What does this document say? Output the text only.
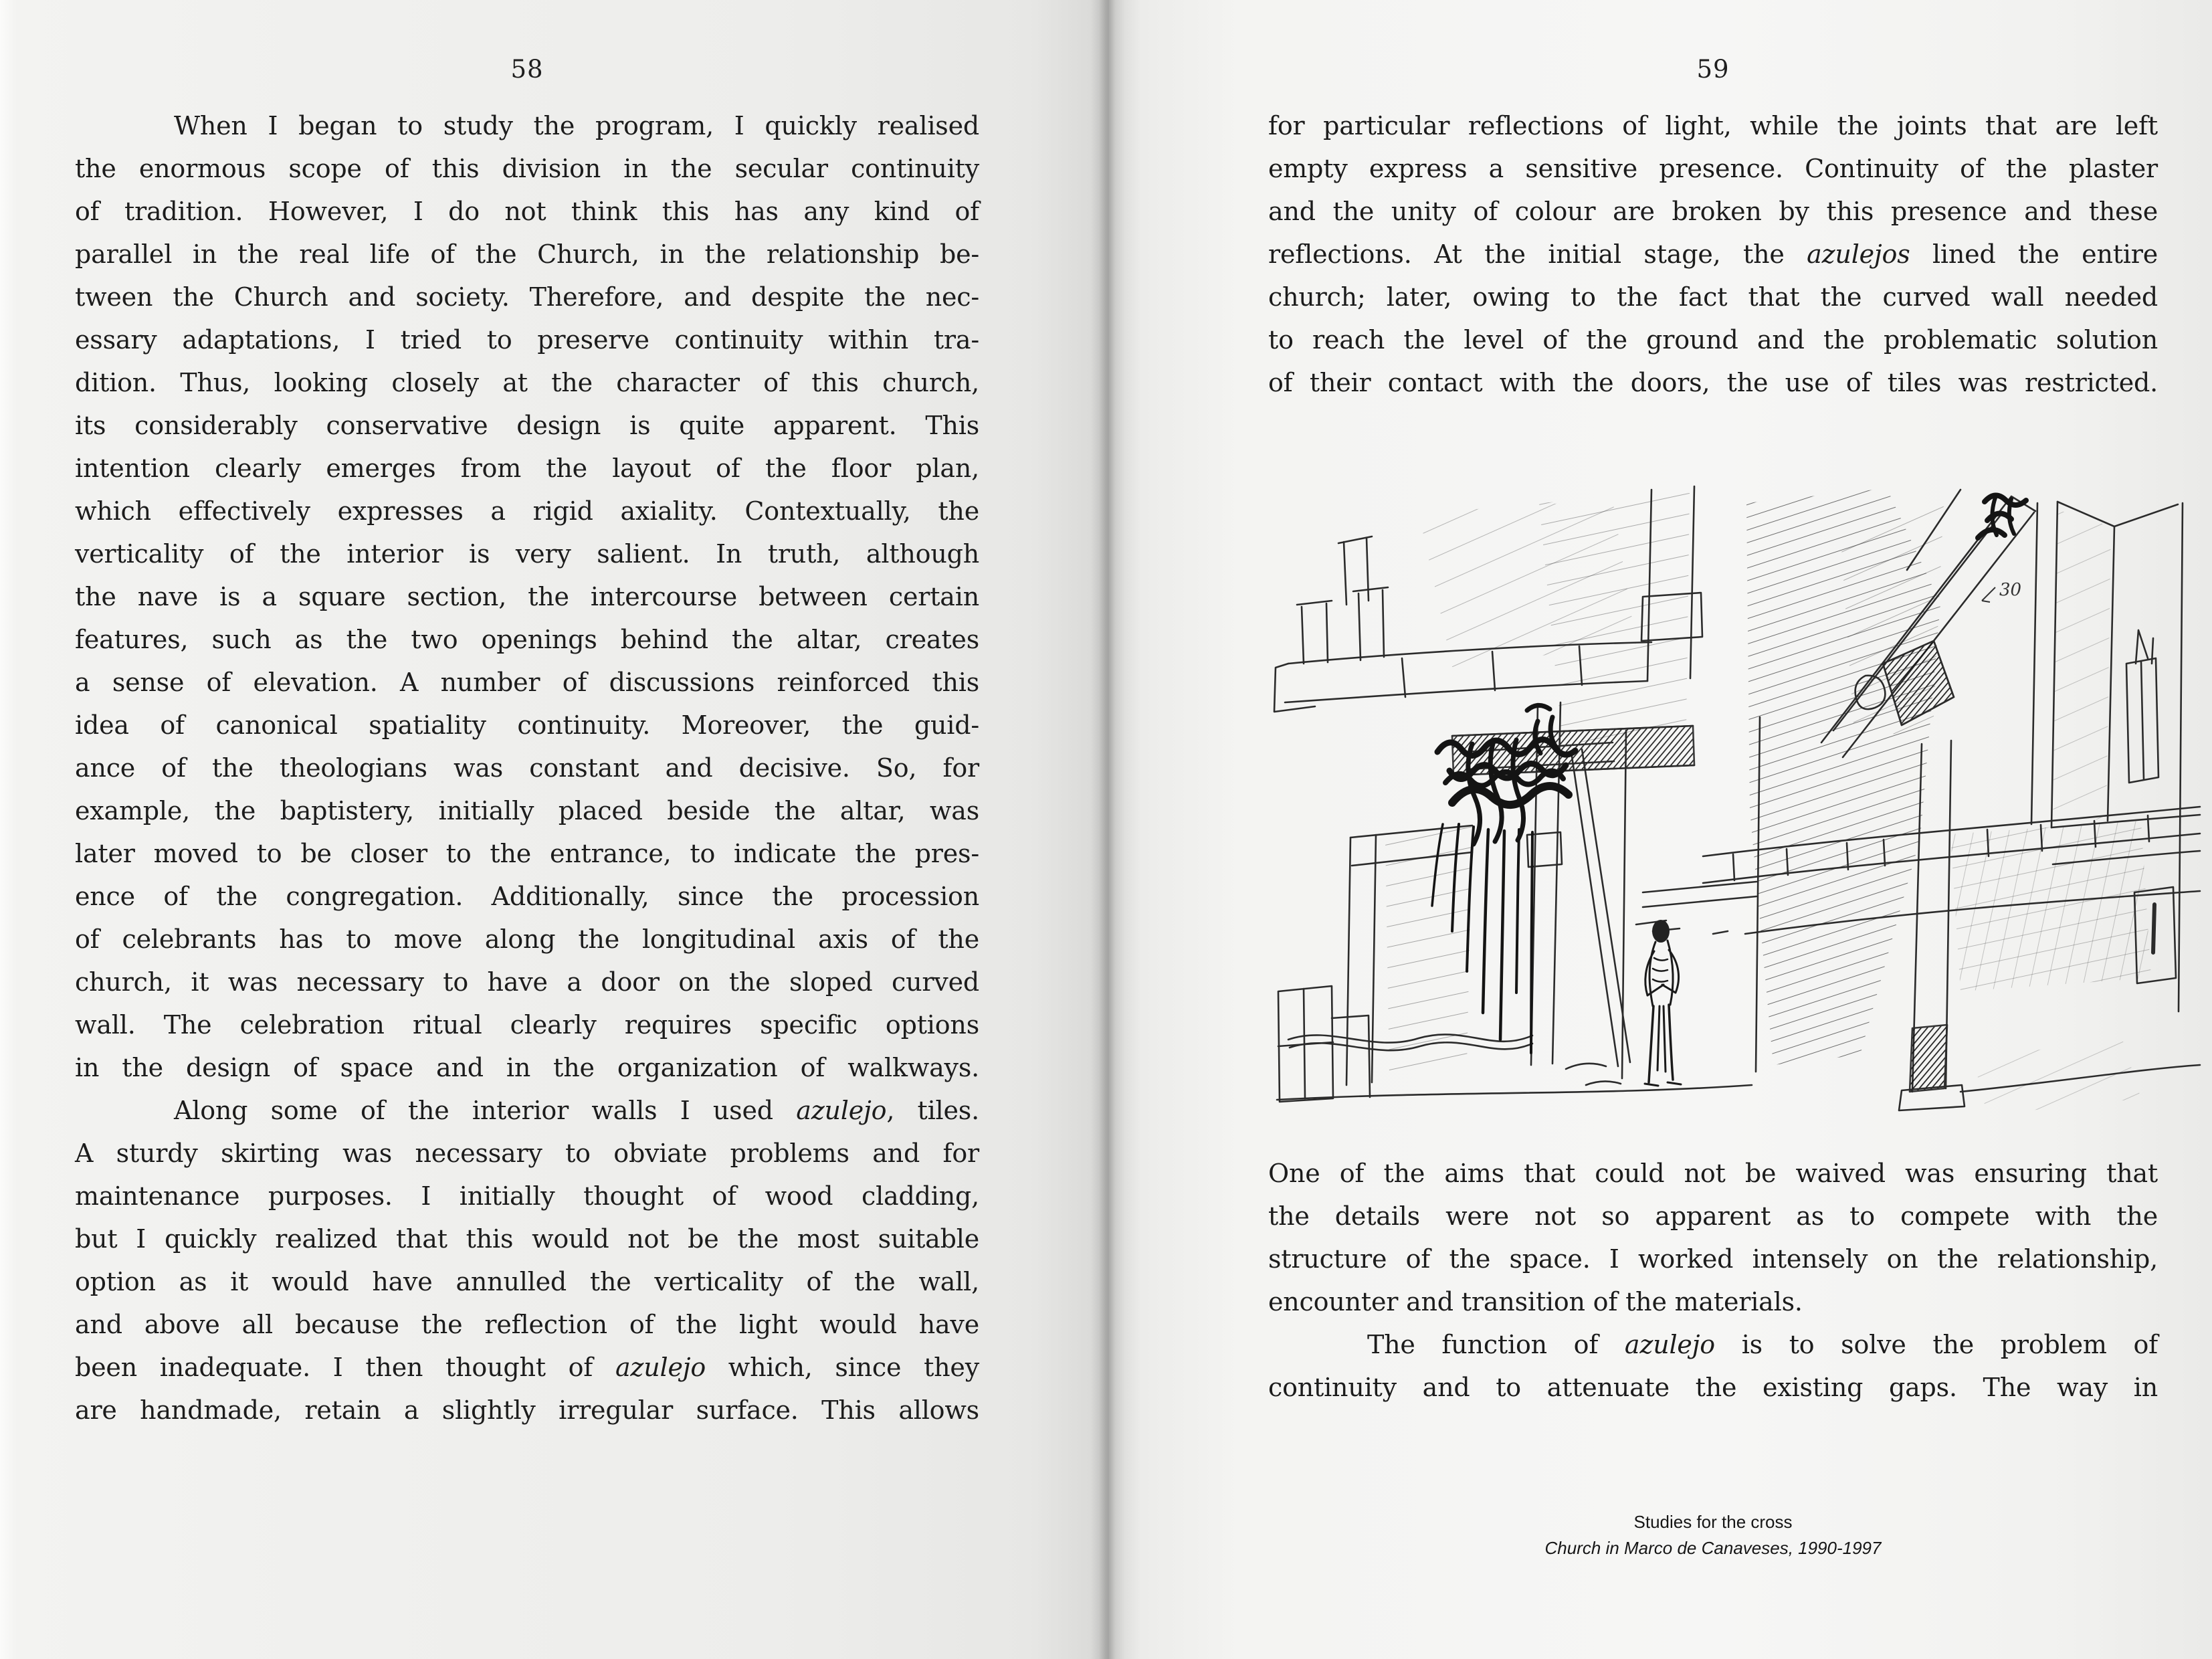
58
When I began to study the program, I quickly realised
the enormous scope of this division in the secular continuity
of tradition. However, I do not think this has any kind of
parallel in the real life of the Church, in the relationship be-
tween the Church and society. Therefore, and despite the nec-
essary adaptations, I tried to preserve continuity within tra-
dition. Thus, looking closely at the character of this church,
its considerably conservative design is quite apparent. This
intention clearly emerges from the layout of the floor plan,
which effectively expresses a rigid axiality. Contextually, the
verticality of the interior is very salient. In truth, although
the nave is a square section, the intercourse between certain
features, such as the two openings behind the altar, creates
a sense of elevation. A number of discussions reinforced this
idea of canonical spatiality continuity. Moreover, the guid-
ance of the theologians was constant and decisive. So, for
example, the baptistery, initially placed beside the altar, was
later moved to be closer to the entrance, to indicate the pres-
ence of the congregation. Additionally, since the procession
of celebrants has to move along the longitudinal axis of the
church, it was necessary to have a door on the sloped curved
wall. The celebration ritual clearly requires specific options
in the design of space and in the organization of walkways.
Along some of the interior walls I used azulejo, tiles.
A sturdy skirting was necessary to obviate problems and for
maintenance purposes. I initially thought of wood cladding,
but I quickly realized that this would not be the most suitable
option as it would have annulled the verticality of the wall,
and above all because the reflection of the light would have
been inadequate. I then thought of azulejo which, since they
are handmade, retain a slightly irregular surface. This allows
59
for particular reflections of light, while the joints that are left
empty express a sensitive presence. Continuity of the plaster
and the unity of colour are broken by this presence and these
reflections. At the initial stage, the azulejos lined the entire
church; later, owing to the fact that the curved wall needed
to reach the level of the ground and the problematic solution
of their contact with the doors, the use of tiles was restricted.
30
One of the aims that could not be waived was ensuring that
the details were not so apparent as to compete with the
structure of the space. I worked intensely on the relationship,
encounter and transition of the materials.
The function of azulejo is to solve the problem of
continuity and to attenuate the existing gaps. The way in
Studies for the cross
Church in Marco de Canaveses, 1990-1997
